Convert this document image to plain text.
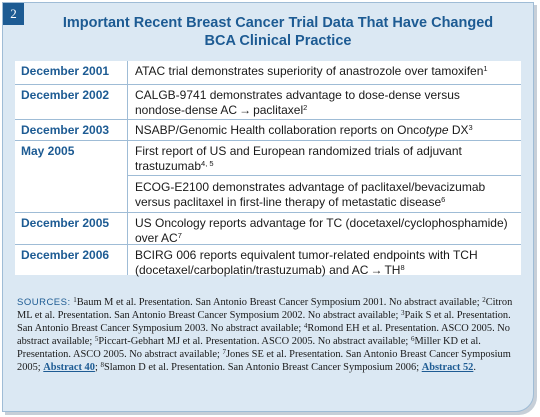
2
Important Recent Breast Cancer Trial Data That Have Changed
BCA Clinical Practice
December 2001	ATAC trial demonstrates superiority of anastrozole over tamoxifen$^1$
December 2002	CALGB-9741 demonstrates advantage to dose-dense versus
nondose-dense AC → paclitaxel$^2$
December 2003	NSABP/Genomic Health collaboration reports on Oncotype $DX^3$
May 2005	First report of US and European randomized trials of adjuvant
trastuzumab$^{4, 5}$
ECOG-E2100 demonstrates advantage of paclitaxel/bevacizumab
versus paclitaxel in first-line therapy of metastatic disease$^6$
December 2005	US Oncology reports advantage for TC (docetaxel/cyclophosphamide)
over $AC^7$
December 2006	BCIRG 006 reports equivalent tumor-related endpoints with TCH
(docetaxel/carboplatin/trastuzumab) and AC → $TH^8$
SOURCES: $^1$Baum M et al. Presentation. San Antonio Breast Cancer Symposium 2001. No abstract available; $^2$Citron ML et al. Presentation. San Antonio Breast Cancer Symposium 2002. No abstract available; $^3$Paik S et al. Presentation. San Antonio Breast Cancer Symposium 2003. No abstract available; $^4$Romond EH et al. Presentation. ASCO 2005. No abstract available; $^5$Piccart-Gebhart MJ et al. Presentation. ASCO 2005. No abstract available; $^6$Miller KD et al. Presentation. ASCO 2005. No abstract available; $^7$Jones SE et al. Presentation. San Antonio Breast Cancer Symposium 2005; Abstract 40; $^8$Slamon D et al. Presentation. San Antonio Breast Cancer Symposium 2006; Abstract 52.
